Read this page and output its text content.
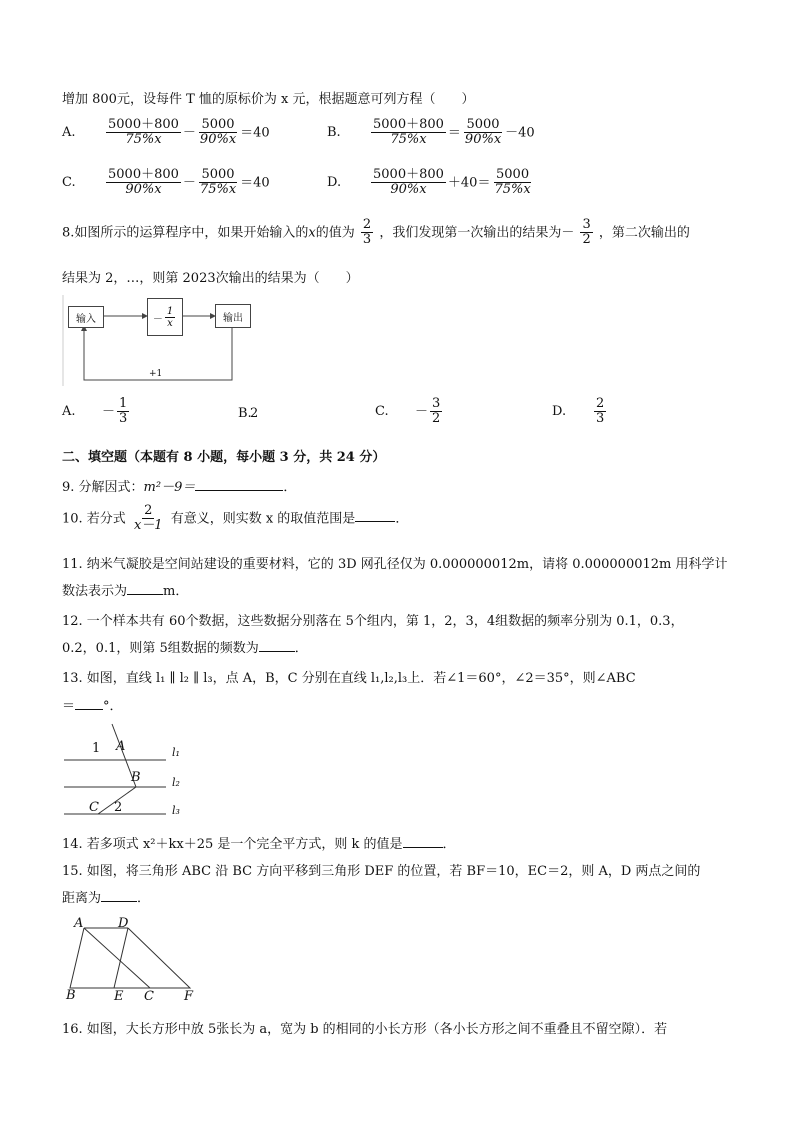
增加 800元，设每件 T 恤的原标价为 x 元，根据题意可列方程（　　）
A. $\frac{5000+800}{75\%x} - \frac{5000}{90\%x} =40$	B. $\frac{5000+800}{75\%x} = \frac{5000}{90\%x} -40$
C. $\frac{5000+800}{90\%x} - \frac{5000}{75\%x} =40$	D. $\frac{5000+800}{90\%x} +40= \frac{5000}{75\%x}$
8.如图所示的运算程序中，如果开始输入的x的值为 $\frac{2}{3}$ ，我们发现第一次输出的结果为－ $\frac{3}{2}$ ，第二次输出的
结果为 2，…，则第 2023次输出的结果为（　　）
输入	－ $\frac{1}{x}$	输出
+1
A. － $\frac{1}{3}$	B.2	C. － $\frac{3}{2}$	D. $\frac{2}{3}$
二、填空题（本题有 8 小题，每小题 3 分，共 24 分）
9. 分解因式：m²－9＝	．
10. 若分式 $\frac{2}{x-1}$ 有意义，则实数 x 的取值范围是	．
11. 纳米气凝胶是空间站建设的重要材料，它的 3D 网孔径仅为 0.000000012m，请将 0.000000012m 用科学计
数法表示为	m．
12. 一个样本共有 60个数据，这些数据分别落在 5个组内，第 1，2，3，4组数据的频率分别为 0.1，0.3，
0.2，0.1，则第 5组数据的频数为	．
13. 如图，直线 l₁ ∥ l₂ ∥ l₃，点 A，B，C 分别在直线 l₁,l₂,l₃上．若∠1＝60°，∠2＝35°，则∠ABC
＝ °．
A
1
B
C 2
l₁
l₂
l₃
14. 若多项式 x²＋kx＋25 是一个完全平方式，则 k 的值是	．
15. 如图，将三角形 ABC 沿 BC 方向平移到三角形 DEF 的位置，若 BF＝10，EC＝2，则 A，D 两点之间的
距离为	．
A	D
B	E C F
16. 如图，大长方形中放 5张长为 a，宽为 b 的相同的小长方形（各小长方形之间不重叠且不留空隙）．若
